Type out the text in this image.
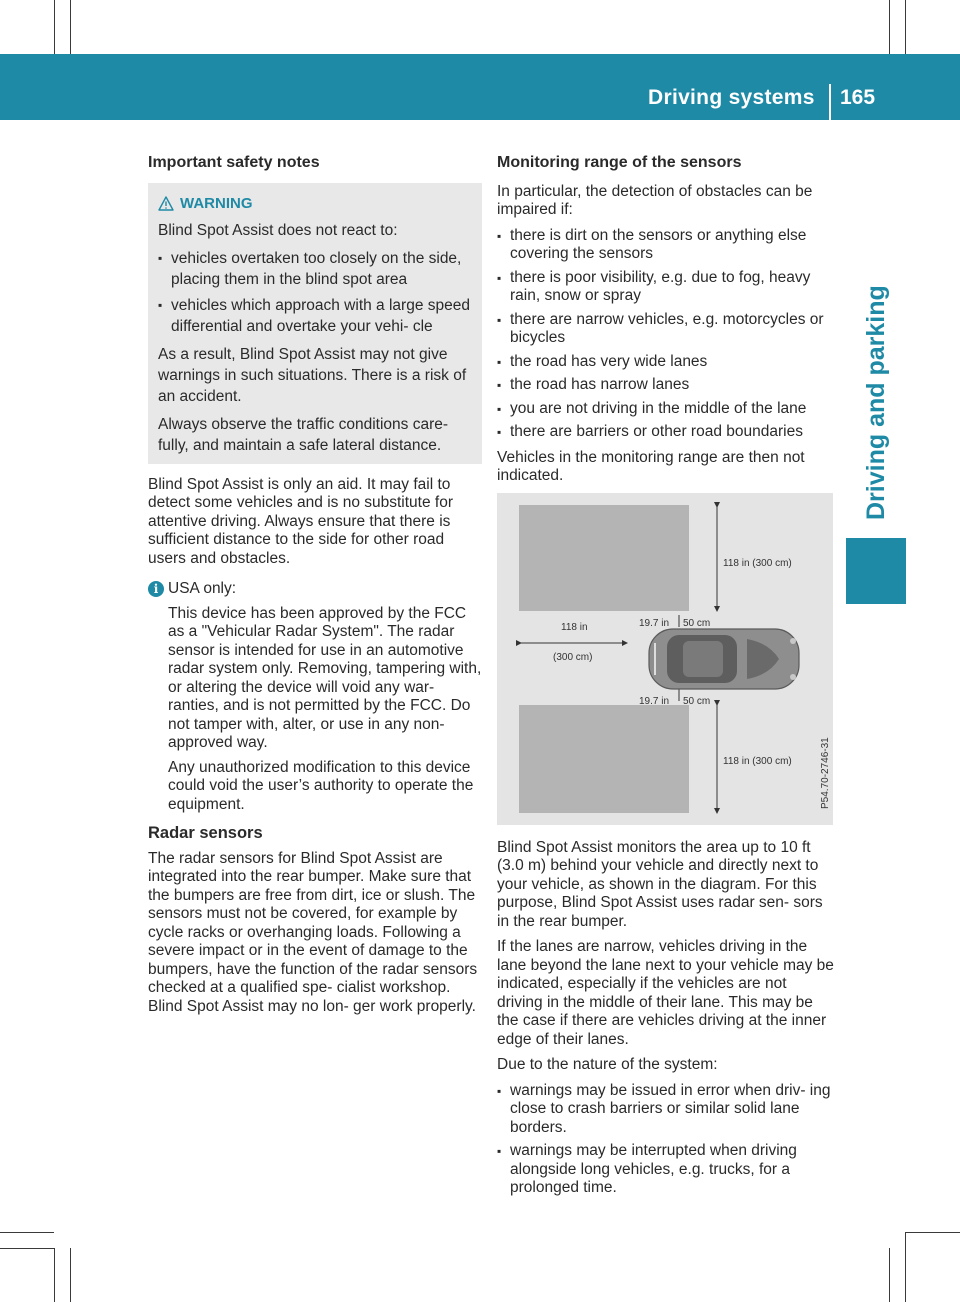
Driving systems 165
Driving and parking
Important safety notes
WARNING

Blind Spot Assist does not react to:

▪ vehicles overtaken too closely on the side, placing them in the blind spot area
▪ vehicles which approach with a large speed differential and overtake your vehi- cle

As a result, Blind Spot Assist may not give warnings in such situations. There is a risk of an accident.

Always observe the traffic conditions care- fully, and maintain a safe lateral distance.

Blind Spot Assist is only an aid. It may fail to detect some vehicles and is no substitute for attentive driving. Always ensure that there is sufficient distance to the side for other road users and obstacles.

i USA only:

This device has been approved by the FCC as a "Vehicular Radar System". The radar sensor is intended for use in an automotive radar system only. Removing, tampering with, or altering the device will void any war- ranties, and is not permitted by the FCC. Do not tamper with, alter, or use in any non- approved way.

Any unauthorized modification to this device could void the user’s authority to operate the equipment.

Radar sensors

The radar sensors for Blind Spot Assist are integrated into the rear bumper. Make sure that the bumpers are free from dirt, ice or slush. The sensors must not be covered, for example by cycle racks or overhanging loads. Following a severe impact or in the event of damage to the bumpers, have the function of the radar sensors checked at a qualified spe- cialist workshop. Blind Spot Assist may no lon- ger work properly.

Monitoring range of the sensors

In particular, the detection of obstacles can be impaired if:

▪ there is dirt on the sensors or anything else covering the sensors
▪ there is poor visibility, e.g. due to fog, heavy rain, snow or spray
▪ there are narrow vehicles, e.g. motorcycles or bicycles
▪ the road has very wide lanes
▪ the road has narrow lanes
▪ you are not driving in the middle of the lane
▪ there are barriers or other road boundaries

Vehicles in the monitoring range are then not indicated.

118 in (300 cm)
118 in (300 cm)
118 in
(300 cm)
19.7 in 50 cm
19.7 in 50 cm
P54.70-2746-31

Blind Spot Assist monitors the area up to 10 ft (3.0 m) behind your vehicle and directly next to your vehicle, as shown in the diagram. For this purpose, Blind Spot Assist uses radar sen- sors in the rear bumper.

If the lanes are narrow, vehicles driving in the lane beyond the lane next to your vehicle may be indicated, especially if the vehicles are not driving in the middle of their lane. This may be the case if there are vehicles driving at the inner edge of their lanes.

Due to the nature of the system:

▪ warnings may be issued in error when driv- ing close to crash barriers or similar solid lane borders.
▪ warnings may be interrupted when driving alongside long vehicles, e.g. trucks, for a prolonged time.
